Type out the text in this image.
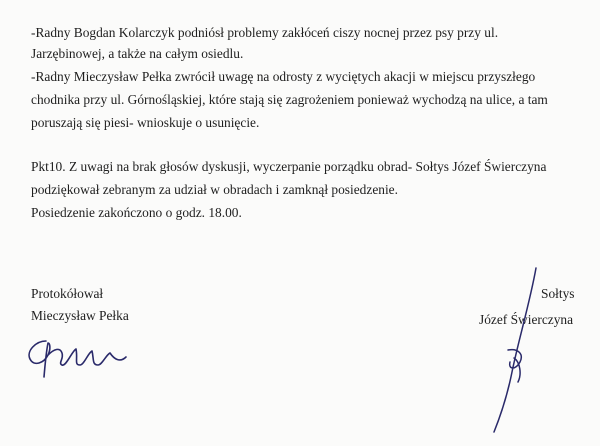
-Radny Bogdan Kolarczyk podniósł problemy zakłóceń ciszy nocnej przez psy przy ul.
Jarzębinowej, a także na całym osiedlu.
-Radny Mieczysław Pełka zwrócił uwagę na odrosty z wyciętych akacji w miejscu przyszłego
chodnika przy ul. Górnośląskiej, które stają się zagrożeniem ponieważ wychodzą na ulice, a tam
poruszają się piesi- wnioskuje o usunięcie.
Pkt10. Z uwagi na brak głosów dyskusji, wyczerpanie porządku obrad- Sołtys Józef Świerczyna
podziękował zebranym za udział w obradach i zamknął posiedzenie.
Posiedzenie zakończono o godz. 18.00.
Protokółował
Mieczysław Pełka
Sołtys
Józef Świerczyna
